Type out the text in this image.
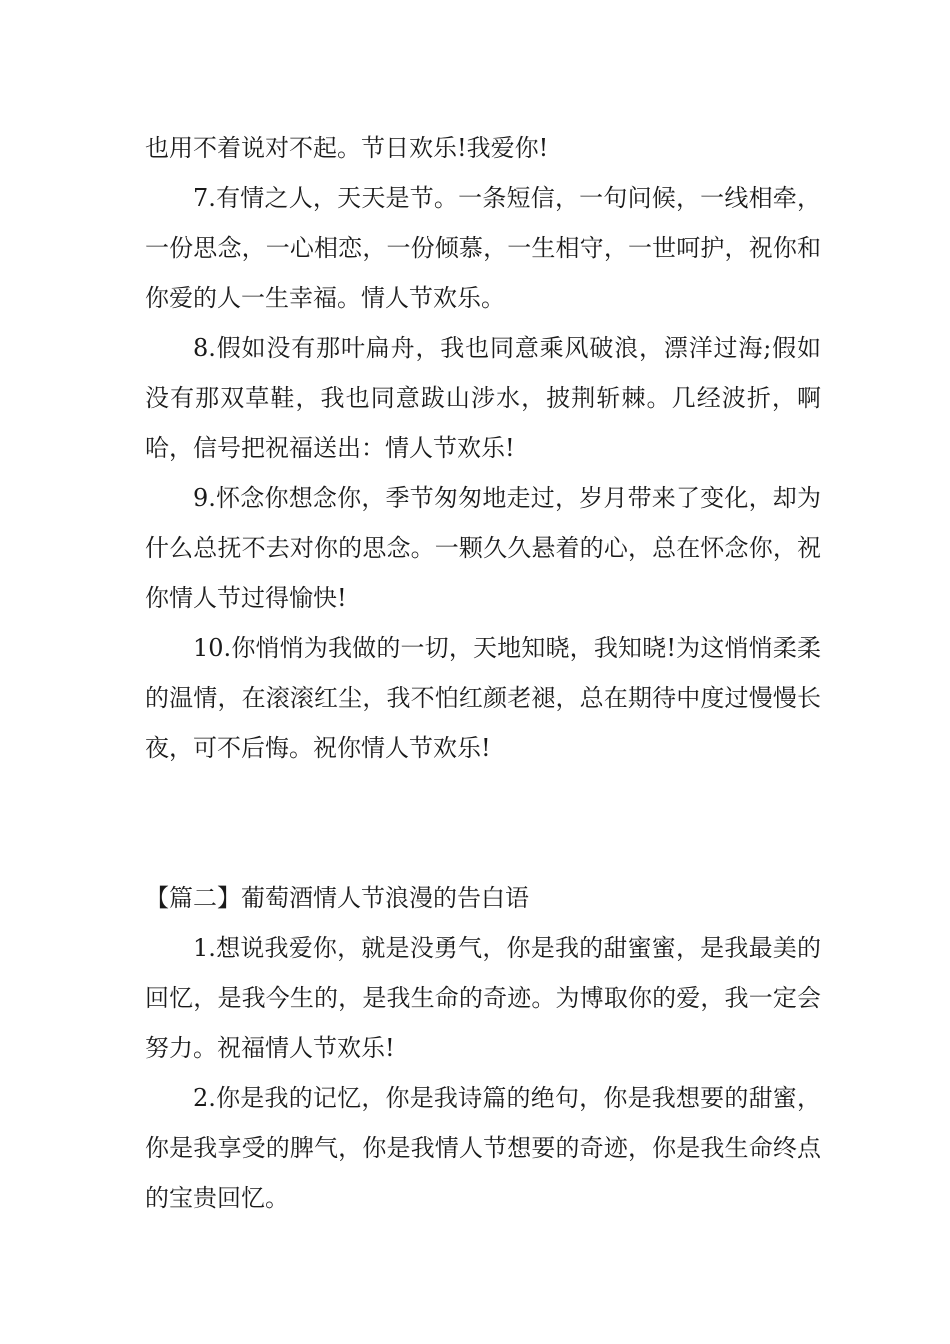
也用不着说对不起。节日欢乐!我爱你!

7.有情之人，天天是节。一条短信，一句问候，一线相牵，一份思念，一心相恋，一份倾慕，一生相守，一世呵护，祝你和你爱的人一生幸福。情人节欢乐。

8.假如没有那叶扁舟，我也同意乘风破浪，漂洋过海;假如没有那双草鞋，我也同意跋山涉水，披荆斩棘。几经波折，啊哈，信号把祝福送出：情人节欢乐!

9.怀念你想念你，季节匆匆地走过，岁月带来了变化，却为什么总抚不去对你的思念。一颗久久悬着的心，总在怀念你，祝你情人节过得愉快!

10.你悄悄为我做的一切，天地知晓，我知晓!为这悄悄柔柔的温情，在滚滚红尘，我不怕红颜老褪，总在期待中度过慢慢长夜，可不后悔。祝你情人节欢乐!

【篇二】葡萄酒情人节浪漫的告白语

1.想说我爱你，就是没勇气，你是我的甜蜜蜜，是我最美的回忆，是我今生的，是我生命的奇迹。为博取你的爱，我一定会努力。祝福情人节欢乐!

2.你是我的记忆，你是我诗篇的绝句，你是我想要的甜蜜，你是我享受的脾气，你是我情人节想要的奇迹，你是我生命终点的宝贵回忆。
